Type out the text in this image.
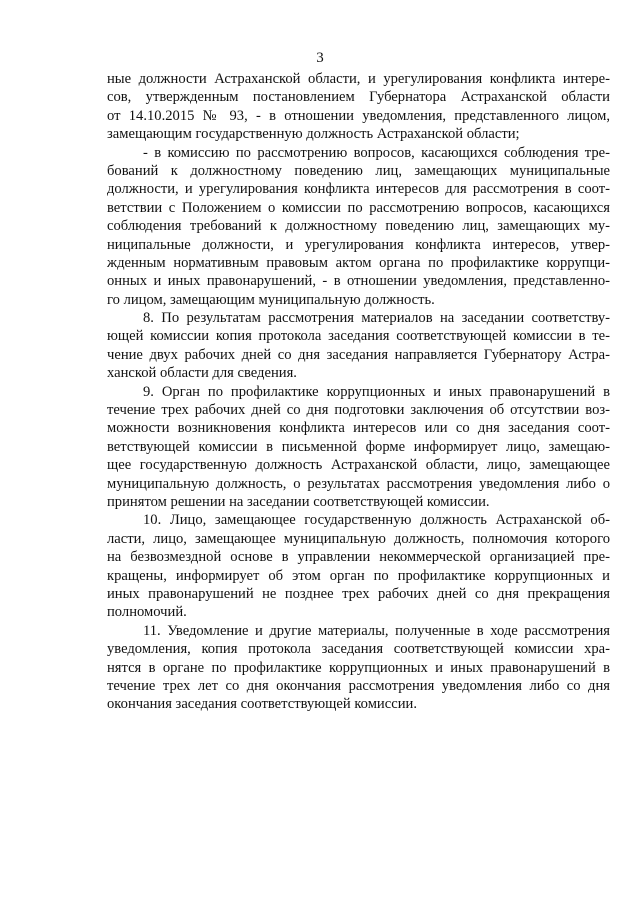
3
ные должности Астраханской области, и урегулирования конфликта интере-
сов, утвержденным постановлением Губернатора Астраханской области
от 14.10.2015 № 93, - в отношении уведомления, представленного лицом,
замещающим государственную должность Астраханской области;
- в комиссию по рассмотрению вопросов, касающихся соблюдения тре-
бований к должностному поведению лиц, замещающих муниципальные
должности, и урегулирования конфликта интересов для рассмотрения в соот-
ветствии с Положением о комиссии по рассмотрению вопросов, касающихся
соблюдения требований к должностному поведению лиц, замещающих му-
ниципальные должности, и урегулирования конфликта интересов, утвер-
жденным нормативным правовым актом органа по профилактике коррупци-
онных и иных правонарушений, - в отношении уведомления, представленно-
го лицом, замещающим муниципальную должность.
8. По результатам рассмотрения материалов на заседании соответству-
ющей комиссии копия протокола заседания соответствующей комиссии в те-
чение двух рабочих дней со дня заседания направляется Губернатору Астра-
ханской области для сведения.
9. Орган по профилактике коррупционных и иных правонарушений в
течение трех рабочих дней со дня подготовки заключения об отсутствии воз-
можности возникновения конфликта интересов или со дня заседания соот-
ветствующей комиссии в письменной форме информирует лицо, замещаю-
щее государственную должность Астраханской области, лицо, замещающее
муниципальную должность, о результатах рассмотрения уведомления либо о
принятом решении на заседании соответствующей комиссии.
10. Лицо, замещающее государственную должность Астраханской об-
ласти, лицо, замещающее муниципальную должность, полномочия которого
на безвозмездной основе в управлении некоммерческой организацией пре-
кращены, информирует об этом орган по профилактике коррупционных и
иных правонарушений не позднее трех рабочих дней со дня прекращения
полномочий.
11. Уведомление и другие материалы, полученные в ходе рассмотрения
уведомления, копия протокола заседания соответствующей комиссии хра-
нятся в органе по профилактике коррупционных и иных правонарушений в
течение трех лет со дня окончания рассмотрения уведомления либо со дня
окончания заседания соответствующей комиссии.
